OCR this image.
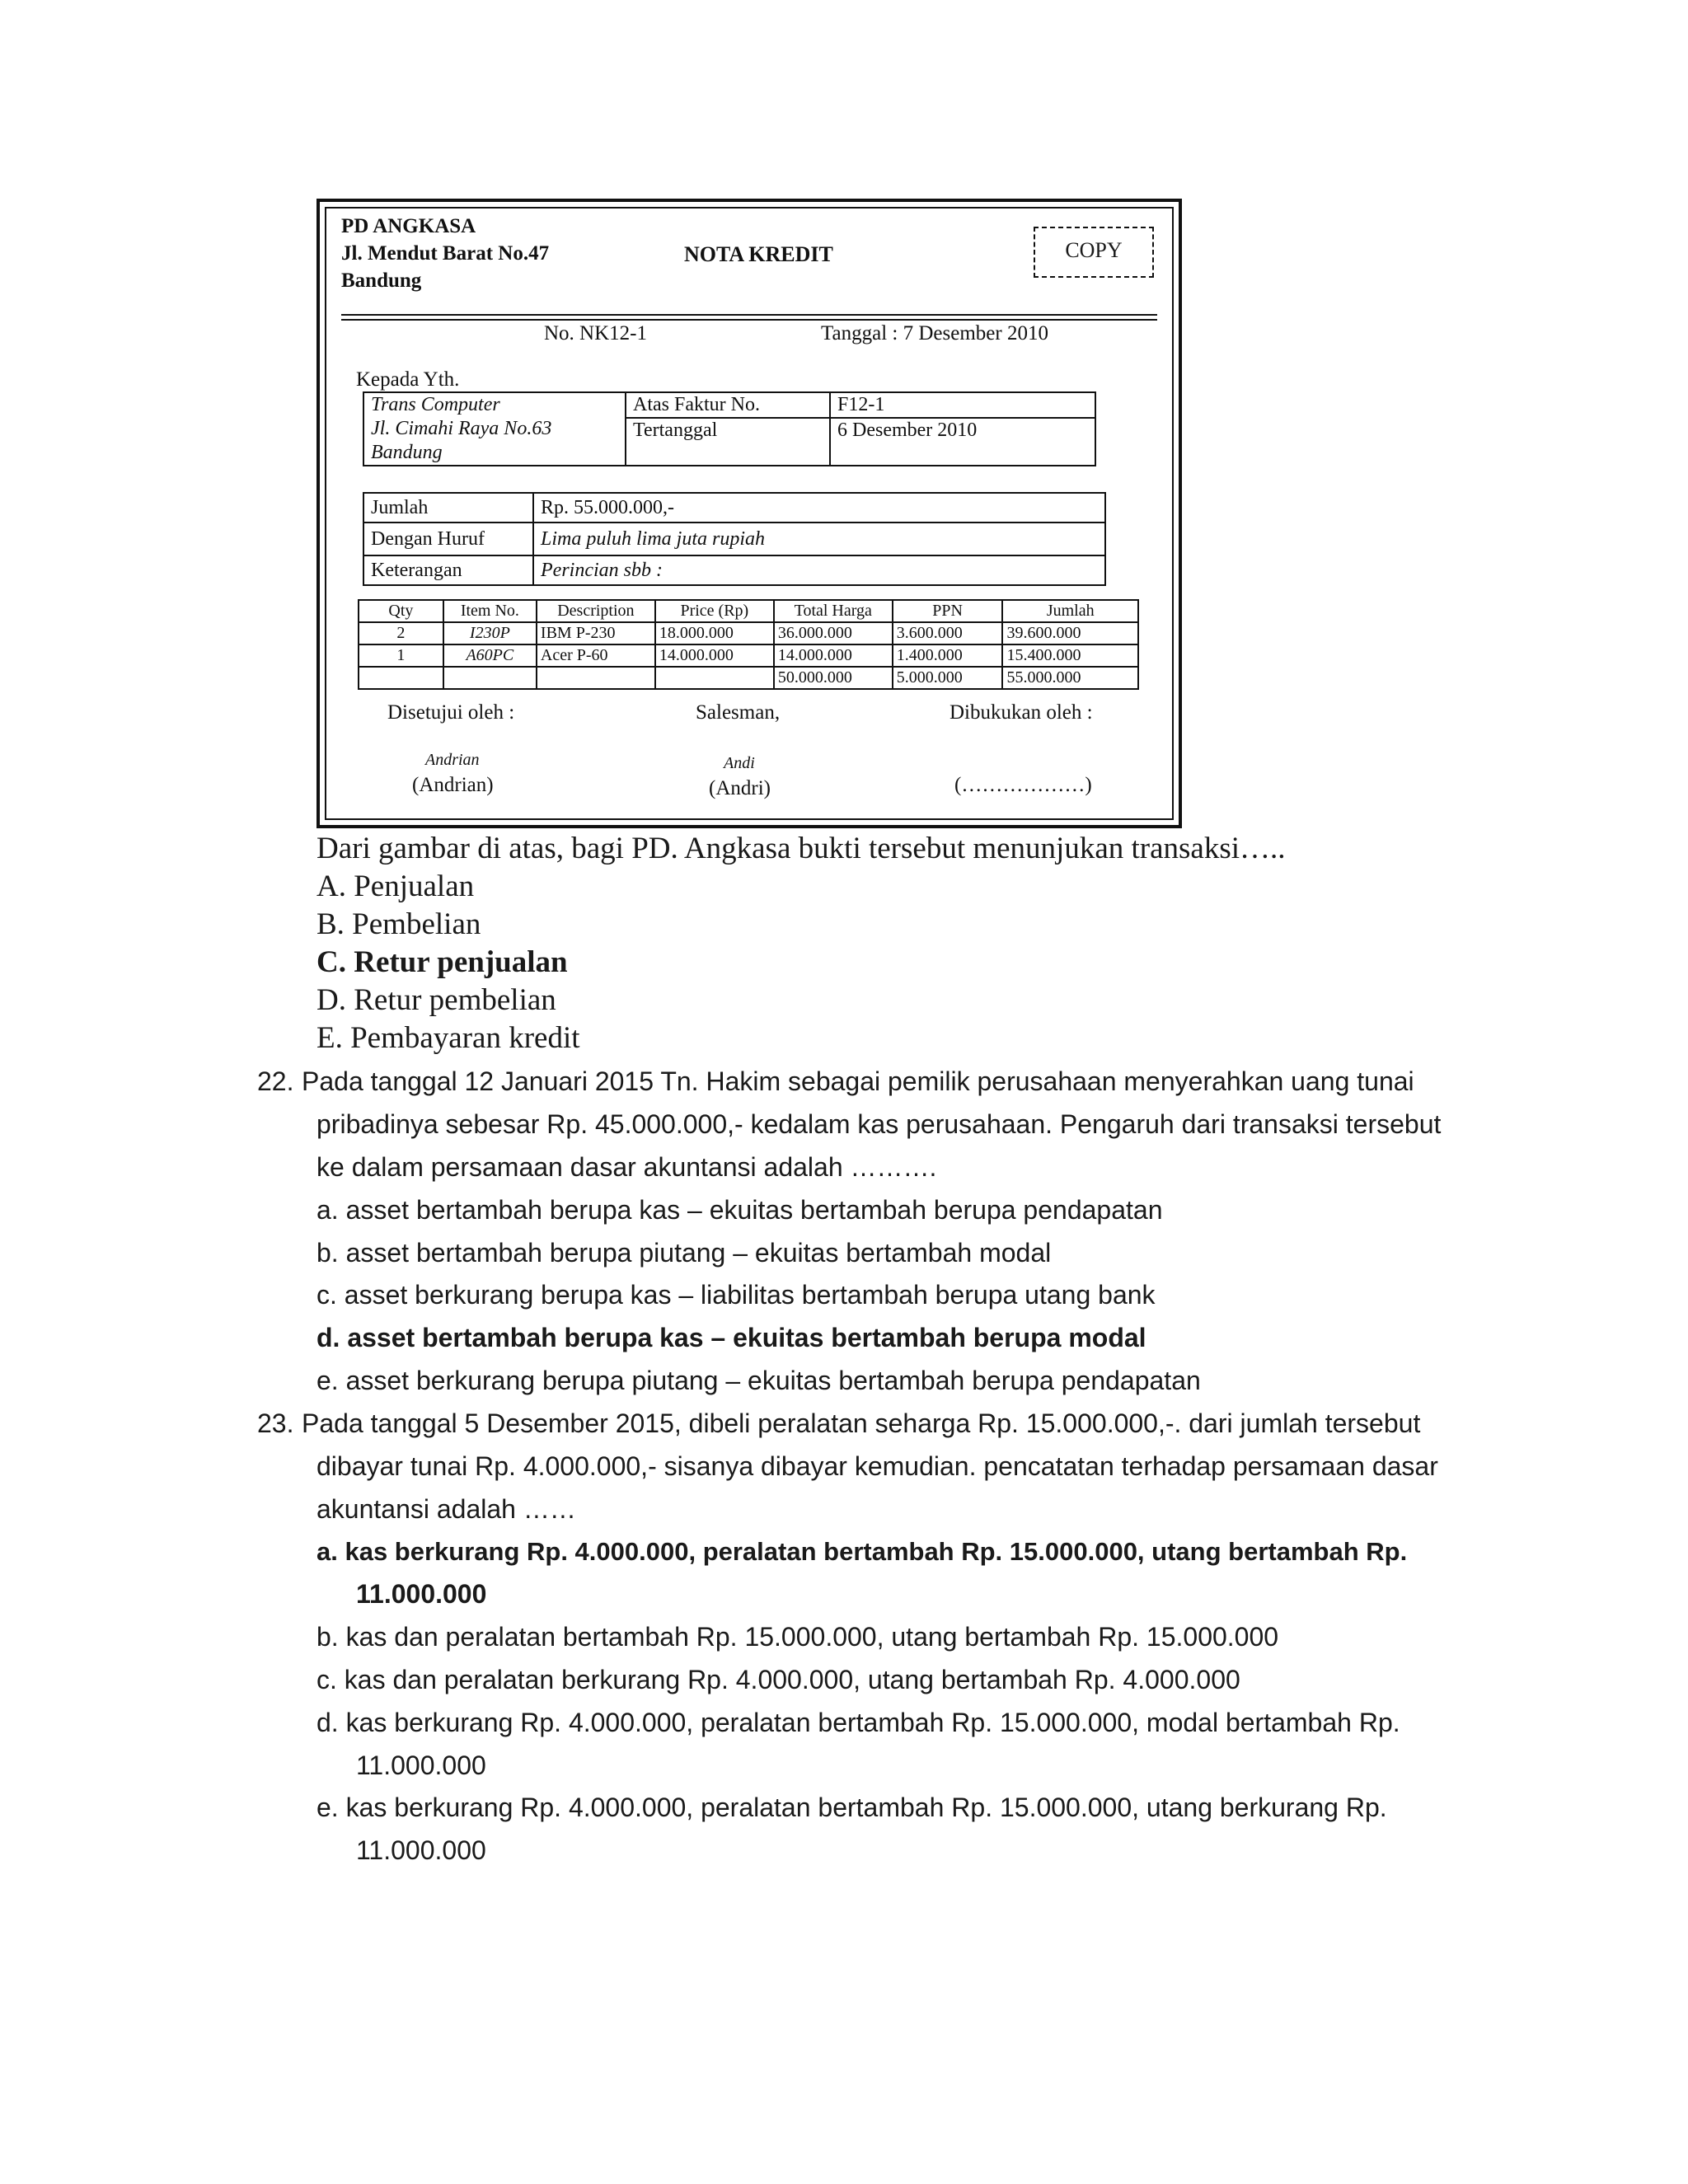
PD ANGKASA
Jl. Mendut Barat No.47
Bandung
NOTA KREDIT	COPY
No. NK12-1	Tanggal : 7 Desember 2010
Kepada Yth.
Trans Computer
Jl. Cimahi Raya No.63
Bandung	Atas Faktur No.	F12-1
	Tertanggal	6 Desember 2010
Jumlah	Rp. 55.000.000,-
Dengan Huruf	Lima puluh lima juta rupiah
Keterangan	Perincian sbb :
Qty	Item No.	Description	Price (Rp)	Total Harga	PPN	Jumlah
2	I230P	IBM P-230	18.000.000	36.000.000	3.600.000	39.600.000
1	A60PC	Acer P-60	14.000.000	14.000.000	1.400.000	15.400.000
				50.000.000	5.000.000	55.000.000
Disetujui oleh :
Andrian
(Andrian)
Salesman,
Andi
(Andri)
Dibukukan oleh :
(………………)
Dari gambar di atas, bagi PD. Angkasa bukti tersebut menunjukan transaksi…..
A. Penjualan
B. Pembelian
C. Retur penjualan
D. Retur pembelian
E. Pembayaran kredit
22. Pada tanggal 12 Januari 2015 Tn. Hakim sebagai pemilik perusahaan menyerahkan uang tunai
pribadinya sebesar Rp. 45.000.000,- kedalam kas perusahaan. Pengaruh dari transaksi tersebut
ke dalam persamaan dasar akuntansi adalah ……….
a. asset bertambah berupa kas – ekuitas bertambah berupa pendapatan
b. asset bertambah berupa piutang – ekuitas bertambah modal
c. asset berkurang berupa kas – liabilitas bertambah berupa utang bank
d. asset bertambah berupa kas – ekuitas bertambah berupa modal
e. asset berkurang berupa piutang – ekuitas bertambah berupa pendapatan
23. Pada tanggal 5 Desember 2015, dibeli peralatan seharga Rp. 15.000.000,-. dari jumlah tersebut
dibayar tunai Rp. 4.000.000,- sisanya dibayar kemudian. pencatatan terhadap persamaan dasar
akuntansi adalah ……
a. kas berkurang Rp. 4.000.000, peralatan bertambah Rp. 15.000.000, utang bertambah Rp.
11.000.000
b. kas dan peralatan bertambah Rp. 15.000.000, utang bertambah Rp. 15.000.000
c. kas dan peralatan berkurang Rp. 4.000.000, utang bertambah Rp. 4.000.000
d. kas berkurang Rp. 4.000.000, peralatan bertambah Rp. 15.000.000, modal bertambah Rp.
11.000.000
e. kas berkurang Rp. 4.000.000, peralatan bertambah Rp. 15.000.000, utang berkurang Rp.
11.000.000
